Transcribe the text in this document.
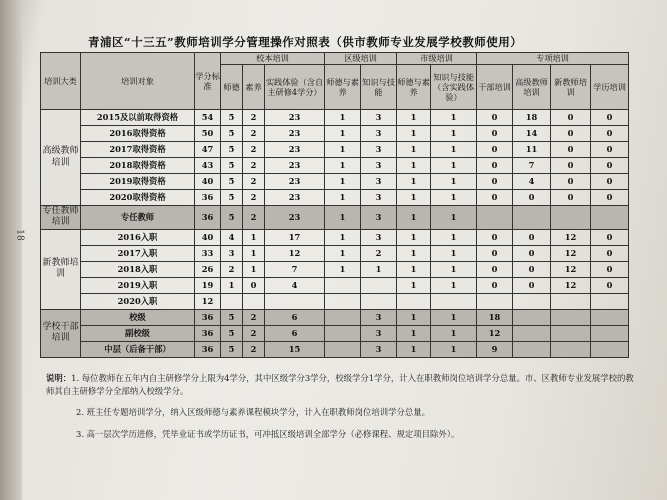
18
青浦区“十三五”教师培训学分管理操作对照表（供市教师专业发展学校教师使用）
培训大类	培训对象	学分标准	校本培训			区级培训		市级培训		专项培训			
			师德	素养	实践体验（含自主研修4学分）	师德与素养	知识与技能	师德与素养	知识与技能（含实践体验）	干部培训	高级教师培训	新教师培训	学历培训
高级教师培训	2015及以前取得资格	54	5	2	23	1	3	1	1	0	18	0	0
	2016取得资格	50	5	2	23	1	3	1	1	0	14	0	0
	2017取得资格	47	5	2	23	1	3	1	1	0	11	0	0
	2018取得资格	43	5	2	23	1	3	1	1	0	7	0	0
	2019取得资格	40	5	2	23	1	3	1	1	0	4	0	0
	2020取得资格	36	5	2	23	1	3	1	1	0	0	0	0
专任教师培训	专任教师	36	5	2	23	1	3	1	1				
新教师培训	2016入职	40	4	1	17	1	3	1	1	0	0	12	0
	2017入职	33	3	1	12	1	2	1	1	0	0	12	0
	2018入职	26	2	1	7	1	1	1	1	0	0	12	0
	2019入职	19	1	0	4			1	1	0	0	12	0
	2020入职	12											
学校干部培训	校级	36	5	2	6		3	1	1	18			
	副校级	36	5	2	6		3	1	1	12			
	中层（后备干部）	36	5	2	15		3	1	1	9			

说明：1. 每位教师在五年内自主研修学分上限为4学分，其中区级学分3学分，校级学分1学分，计入在职教师岗位培训学分总量。市、区教师专业发展学校的教师其自主研修学分全部纳入校级学分。

2. 班主任专题培训学分，纳入区级师德与素养课程模块学分，计入在职教师岗位培训学分总量。

3. 高一层次学历进修，凭毕业证书或学历证书，可冲抵区级培训全部学分（必修课程、规定项目除外）。
